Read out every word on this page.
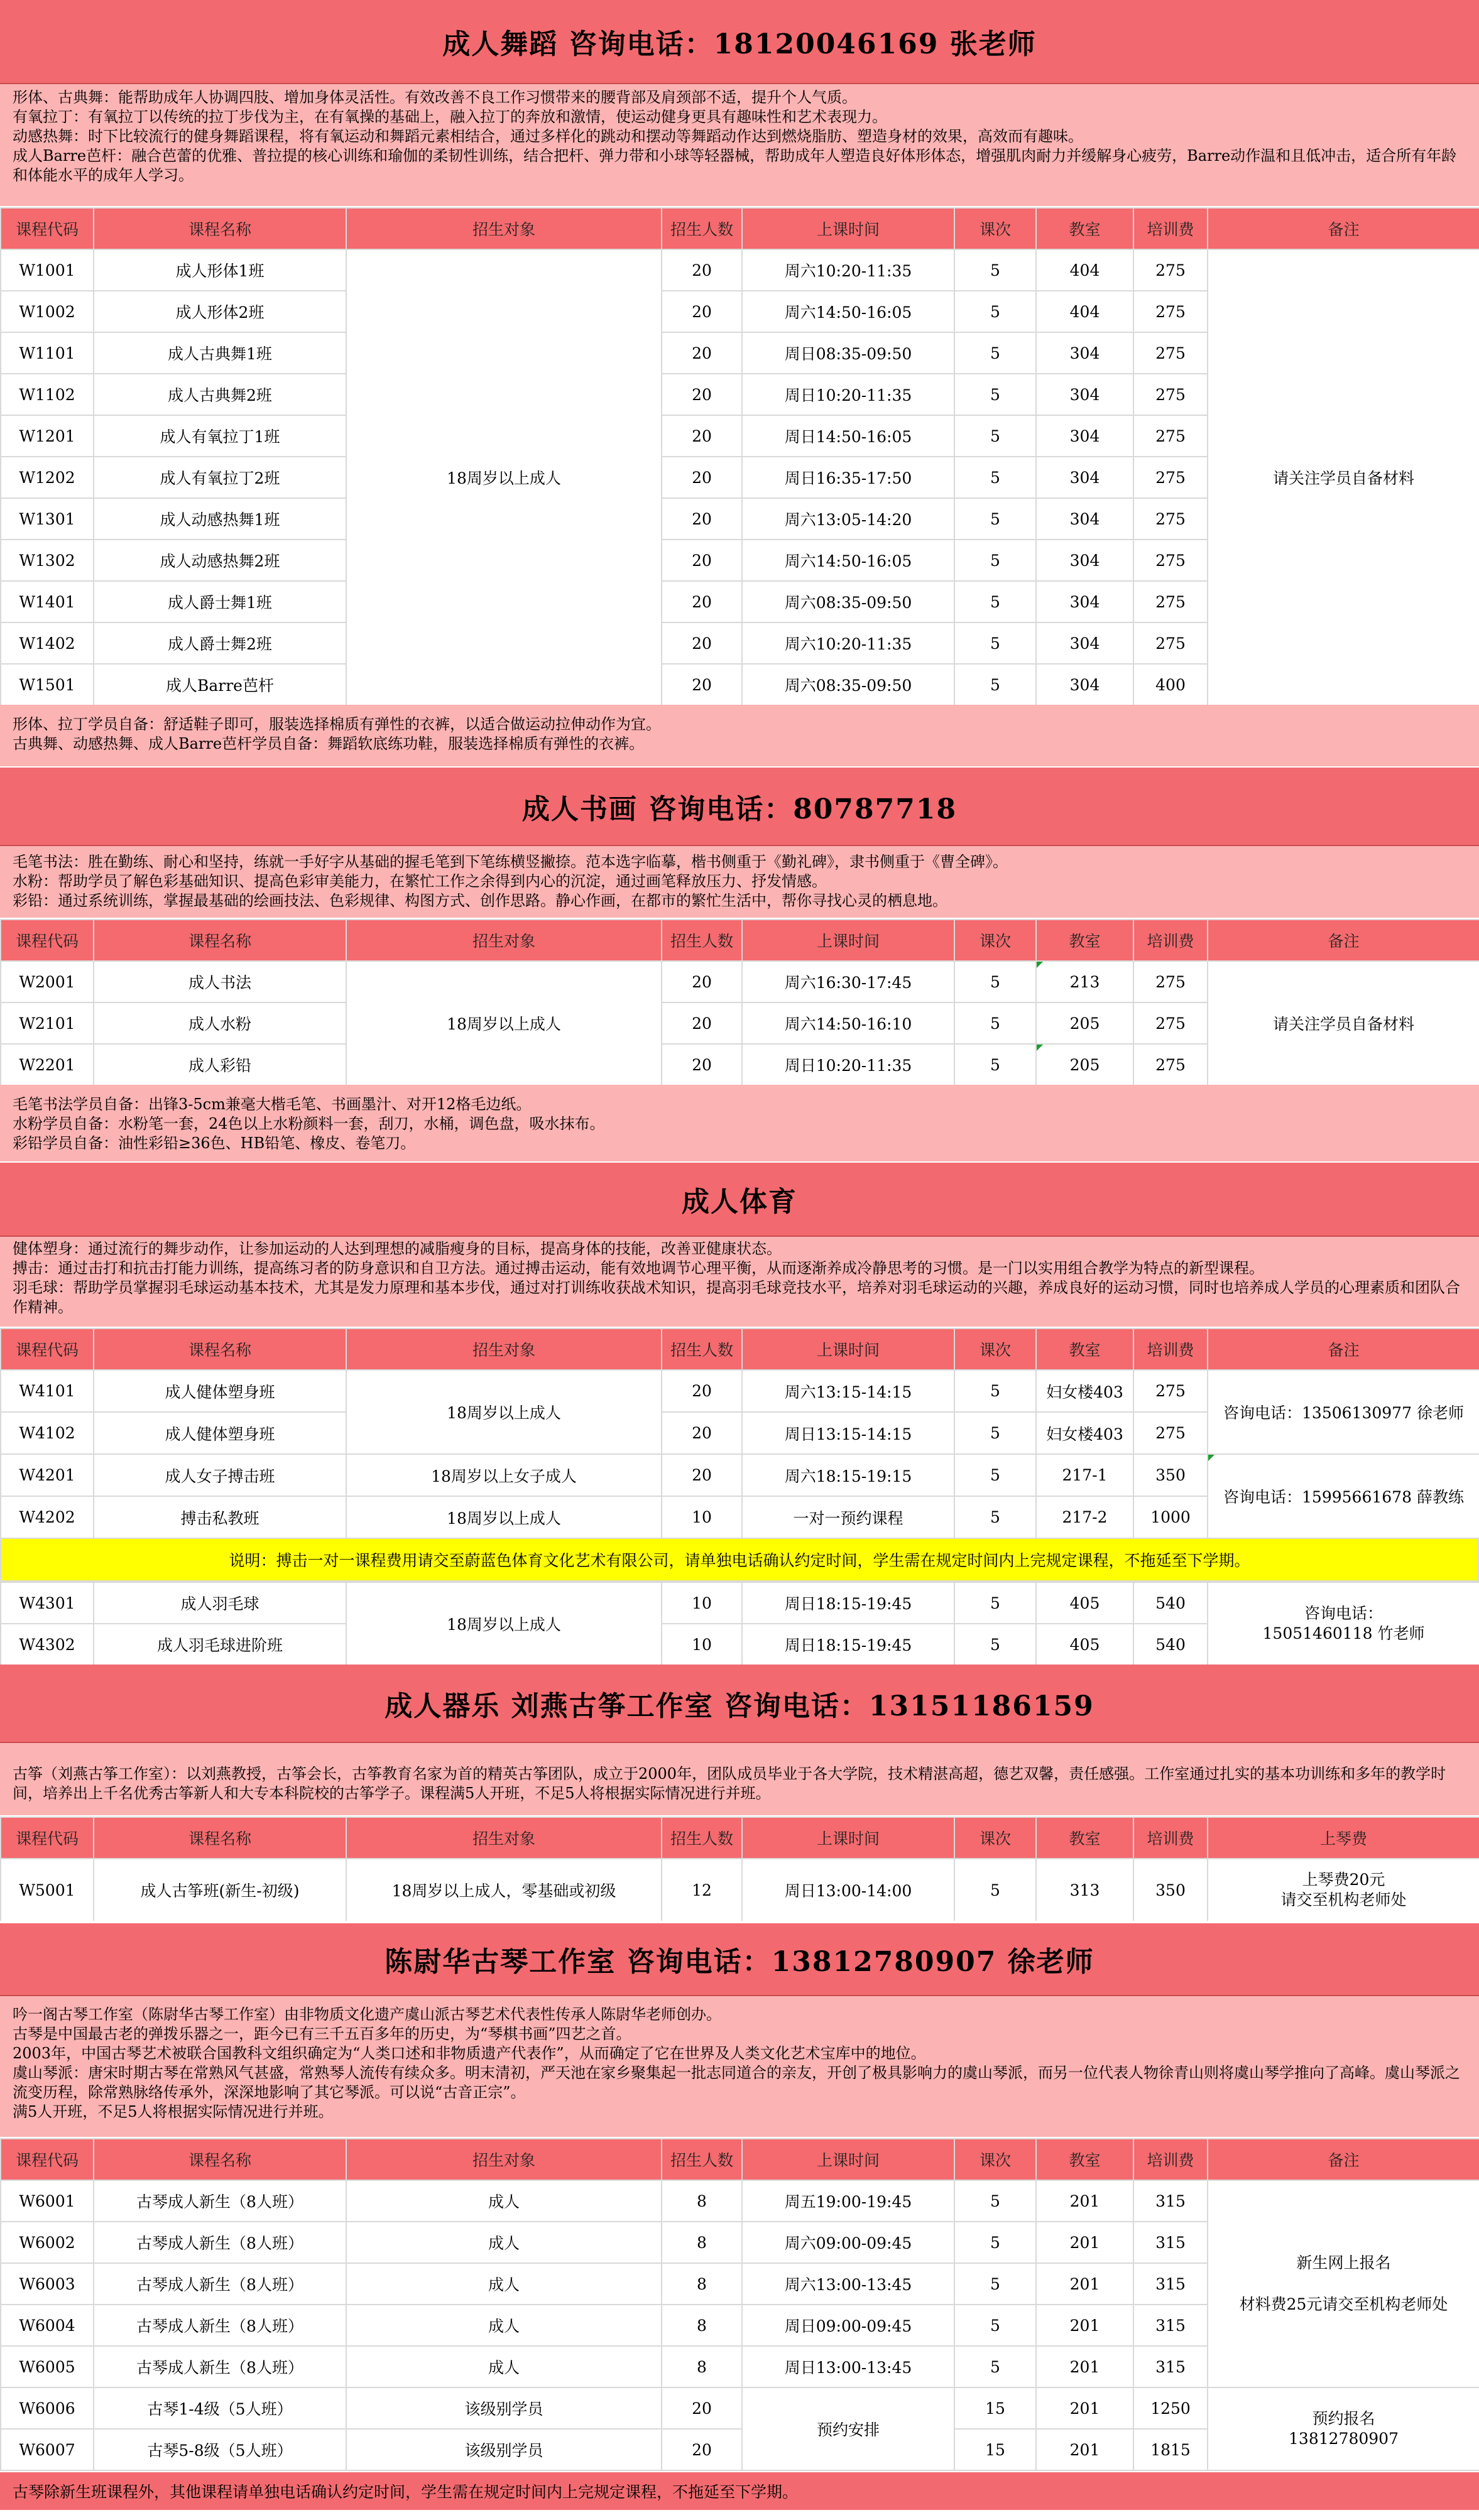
成人舞蹈 咨询电话：18120046169 张老师

形体、古典舞：能帮助成年人协调四肢、增加身体灵活性。有效改善不良工作习惯带来的腰背部及肩颈部不适，提升个人气质。

有氧拉丁：有氧拉丁以传统的拉丁步伐为主，在有氧操的基础上，融入拉丁的奔放和激情，使运动健身更具有趣味性和艺术表现力。

动感热舞：时下比较流行的健身舞蹈课程，将有氧运动和舞蹈元素相结合，通过多样化的跳动和摆动等舞蹈动作达到燃烧脂肪、塑造身材的效果，高效而有趣味。

成人Barre芭杆：融合芭蕾的优雅、普拉提的核心训练和瑜伽的柔韧性训练，结合把杆、弹力带和小球等轻器械，帮助成年人塑造良好体形体态，增强肌肉耐力并缓解身心疲劳，Barre动作温和且低冲击，适合所有年龄和体能水平的成年人学习。

课程代码	课程名称	招生对象	招生人数	上课时间	课次	教室	培训费	备注
W1001	成人形体1班	18周岁以上成人	20	周六10:20-11:35	5	404	275	请关注学员自备材料
W1002	成人形体2班		20	周六14:50-16:05	5	404	275	
W1101	成人古典舞1班		20	周日08:35-09:50	5	304	275	
W1102	成人古典舞2班		20	周日10:20-11:35	5	304	275	
W1201	成人有氧拉丁1班		20	周日14:50-16:05	5	304	275	
W1202	成人有氧拉丁2班		20	周日16:35-17:50	5	304	275	
W1301	成人动感热舞1班		20	周六13:05-14:20	5	304	275	
W1302	成人动感热舞2班		20	周六14:50-16:05	5	304	275	
W1401	成人爵士舞1班		20	周六08:35-09:50	5	304	275	
W1402	成人爵士舞2班		20	周六10:20-11:35	5	304	275	
W1501	成人Barre芭杆		20	周六08:35-09:50	5	304	400	

形体、拉丁学员自备：舒适鞋子即可，服装选择棉质有弹性的衣裤，以适合做运动拉伸动作为宜。

古典舞、动感热舞、成人Barre芭杆学员自备：舞蹈软底练功鞋，服装选择棉质有弹性的衣裤。

成人书画 咨询电话：80787718

毛笔书法：胜在勤练、耐心和坚持，练就一手好字从基础的握毛笔到下笔练横竖撇捺。范本选字临摹，楷书侧重于《勤礼碑》，隶书侧重于《曹全碑》。

水粉：帮助学员了解色彩基础知识、提高色彩审美能力，在繁忙工作之余得到内心的沉淀，通过画笔释放压力、抒发情感。

彩铅：通过系统训练，掌握最基础的绘画技法、色彩规律、构图方式、创作思路。静心作画，在都市的繁忙生活中，帮你寻找心灵的栖息地。

课程代码	课程名称	招生对象	招生人数	上课时间	课次	教室	培训费	备注
W2001	成人书法	18周岁以上成人	20	周六16:30-17:45	5	213	275	请关注学员自备材料
W2101	成人水粉		20	周六14:50-16:10	5	205	275	
W2201	成人彩铅		20	周日10:20-11:35	5	205	275	

毛笔书法学员自备：出锋3-5cm兼毫大楷毛笔、书画墨汁、对开12格毛边纸。

水粉学员自备：水粉笔一套，24色以上水粉颜料一套，刮刀，水桶，调色盘，吸水抹布。

彩铅学员自备：油性彩铅≥36色、HB铅笔、橡皮、卷笔刀。

成人体育

健体塑身：通过流行的舞步动作，让参加运动的人达到理想的减脂瘦身的目标，提高身体的技能，改善亚健康状态。

搏击：通过击打和抗击打能力训练，提高练习者的防身意识和自卫方法。通过搏击运动，能有效地调节心理平衡，从而逐渐养成冷静思考的习惯。是一门以实用组合教学为特点的新型课程。

羽毛球：帮助学员掌握羽毛球运动基本技术，尤其是发力原理和基本步伐，通过对打训练收获战术知识，提高羽毛球竞技水平，培养对羽毛球运动的兴趣，养成良好的运动习惯，同时也培养成人学员的心理素质和团队合作精神。

课程代码	课程名称	招生对象	招生人数	上课时间	课次	教室	培训费	备注
W4101	成人健体塑身班	18周岁以上成人	20	周六13:15-14:15	5	妇女楼403	275	咨询电话：13506130977 徐老师
W4102	成人健体塑身班		20	周日13:15-14:15	5	妇女楼403	275	
W4201	成人女子搏击班	18周岁以上女子成人	20	周六18:15-19:15	5	217-1	350	咨询电话：15995661678 薛教练
W4202	搏击私教班	18周岁以上成人	10	一对一预约课程	5	217-2	1000	
说明：搏击一对一课程费用请交至蔚蓝色体育文化艺术有限公司，请单独电话确认约定时间，学生需在规定时间内上完规定课程，不拖延至下学期。
W4301	成人羽毛球	18周岁以上成人	10	周日18:15-19:45	5	405	540	咨询电话：
15051460118 竹老师

W4302	成人羽毛球进阶班		10	周日18:15-19:45	5	405	540	
成人器乐 刘燕古筝工作室 咨询电话：13151186159

古筝（刘燕古筝工作室）：以刘燕教授，古筝会长，古筝教育名家为首的精英古筝团队，成立于2000年，团队成员毕业于各大学院，技术精湛高超，德艺双馨，责任感强。工作室通过扎实的基本功训练和多年的教学时间，培养出上千名优秀古筝新人和大专本科院校的古筝学子。课程满5人开班，不足5人将根据实际情况进行并班。

课程代码	课程名称	招生对象	招生人数	上课时间	课次	教室	培训费	上琴费
W5001	成人古筝班(新生-初级)	18周岁以上成人，零基础或初级	12	周日13:00-14:00	5	313	350	上琴费20元
请交至机构老师处
陈尉华古琴工作室 咨询电话：13812780907 徐老师

吟一阁古琴工作室（陈尉华古琴工作室）由非物质文化遗产虞山派古琴艺术代表性传承人陈尉华老师创办。

古琴是中国最古老的弹拨乐器之一，距今已有三千五百多年的历史，为“琴棋书画”四艺之首。

2003年，中国古琴艺术被联合国教科文组织确定为“人类口述和非物质遗产代表作”，从而确定了它在世界及人类文化艺术宝库中的地位。

虞山琴派：唐宋时期古琴在常熟风气甚盛，常熟琴人流传有续众多。明末清初，严天池在家乡聚集起一批志同道合的亲友，开创了极具影响力的虞山琴派，而另一位代表人物徐青山则将虞山琴学推向了高峰。虞山琴派之流变历程，除常熟脉络传承外，深深地影响了其它琴派。可以说“古音正宗”。

满5人开班，不足5人将根据实际情况进行并班。

课程代码	课程名称	招生对象	招生人数	上课时间	课次	教室	培训费	备注
W6001	古琴成人新生（8人班）	成人	8	周五19:00-19:45	5	201	315	新生网上报名
材料费25元请交至机构老师处

W6002	古琴成人新生（8人班）	成人	8	周六09:00-09:45	5	201	315	
W6003	古琴成人新生（8人班）	成人	8	周六13:00-13:45	5	201	315	
W6004	古琴成人新生（8人班）	成人	8	周日09:00-09:45	5	201	315	
W6005	古琴成人新生（8人班）	成人	8	周日13:00-13:45	5	201	315	
W6006	古琴1-4级（5人班）	该级别学员	20	预约安排	15	201	1250	预约报名
13812780907

W6007	古琴5-8级（5人班）	该级别学员	20		15	201	1815	
古琴除新生班课程外，其他课程请单独电话确认约定时间，学生需在规定时间内上完规定课程，不拖延至下学期。
